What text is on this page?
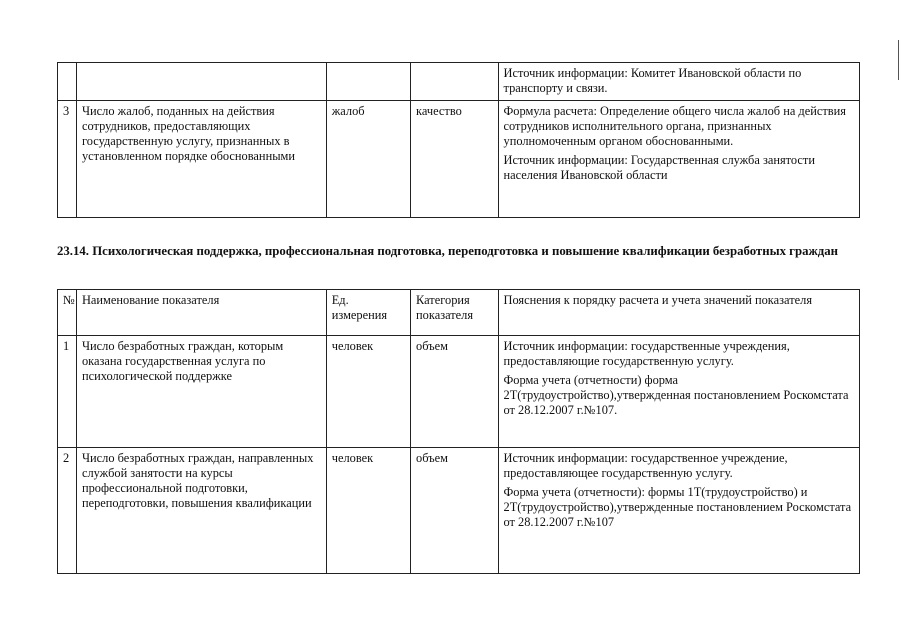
				Источник информации: Комитет Ивановской области по транспорту и связи.

3	Число жалоб, поданных на действия сотрудников, предоставляющих государственную услугу, признанных в установленном порядке обоснованными	жалоб	качество	Формула расчета: Определение общего числа жалоб на действия сотрудников исполнительного органа, признанных уполномоченным органом обоснованными.

Источник информации: Государственная служба занятости населения Ивановской области

23.14. Психологическая поддержка, профессиональная подготовка, переподготовка и повышение квалификации безработных граждан
№	Наименование показателя	Ед. измерения	Категория показателя	Пояснения к порядку расчета и учета значений показателя
1	Число безработных граждан, которым оказана государственная услуга по психологической поддержке	человек	объем	Источник информации: государственные учреждения, предоставляющие государственную услугу.

Форма учета (отчетности) форма 2Т(трудоустройство),утвержденная постановлением Роскомстата от 28.12.2007 г.№107.

2	Число безработных граждан, направленных службой занятости на курсы профессиональной подготовки, переподготовки, повышения квалификации	человек	объем	Источник информации: государственное учреждение, предоставляющее государственную услугу.

Форма учета (отчетности): формы 1Т(трудоустройство) и 2Т(трудоустройство),утвержденные постановлением Роскомстата от 28.12.2007 г.№107
